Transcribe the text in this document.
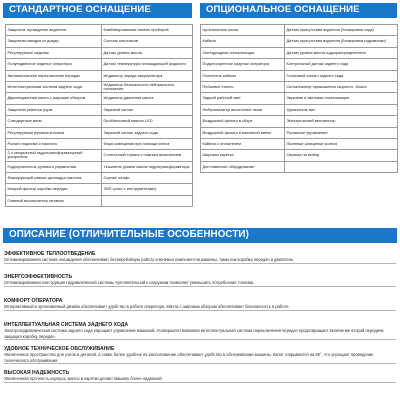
СТАНДАРТНОЕ ОСНАЩЕНИЕ	ОПЦИОНАЛЬНОЕ ОСНАЩЕНИЕ
Защитное ограждение водителя	Комбинированная панель приборов
Защитная накидка от дождя	Счетчик моточасов
Регулируемое сиденье	Датчик уровня масла
Полуподвесное сиденье оператора	Датчик температуры охлаждающей жидкости
Автоматическое переключение передач	Индикатор заряда аккумулятора
Интеллектуальная система заднего хода	Индикатор безопасности нейтрального положения
Двухсекционная мачта с широким обзором	Индикатор давления масла
Защитная решетка груза	Звуковой сигнал
Стандартные вилы	Проблесковый маячок LED
Регулируемая рулевая колонка	Звуковой сигнал заднего хода
Рычаги подъема и наклона	Фара освещения при помощи ключа
2-х секционный гидротрансформаторный ускоритель	Стояночный тормоз с ножным включением
Гидроусилитель рулевого управления	Указатель уровня масла гидротрансформатора
Фиксирующий клапан цилиндра наклона	Сцепка штифт
Мокрый фильтр коробки передач	ЗИП (ключ с инструментами)
Главный выключатель питания	
Цельнолитые шины	Датчик присутствия водителя (блокировка хода)
Кабина	Датчик присутствия водителя (блокировка гидравлики)
Светодиодная сигнализация	Датчик уровня масла гидрораспределителя
Подрессоренное сиденье оператора	Контрольный датчик заднего хода
Отопитель кабины	Голосовой сигнал заднего хода
Побоевое стекло	Сигнализатор превышения скорости, 10км/ч
Задний рабочий свет	Звуковая и световая сигнализация
Нейтрализатор выхлопных газов	Удлинитель вил
Воздушный фильтр в сборе	Электрический вентилятор
Воздушный фильтр в масляной ванне	Рычажное управление
Кабина с отопителем	Пылевые шлицевые колеса
Широкая каретка	Окраска на выбор
Доп.навесное оборудование	
ОПИСАНИЕ (ОТЛИЧИТЕЛЬНЫЕ ОСОБЕННОСТИ)
ЭФФЕКТИВНОЕ ТЕПЛООТВЕДЕНИЕ
Оптимизированная система охлаждения обеспечивает бесперебойную работу ключевых компонентов машины, таких как коробка передач и двигатель.
ЭНЕРГОЭФФЕКТИВНОСТЬ
Оптимизированная конструкция гидравлической системы чувствительной к нагрузкам позволяет уменьшить потребление топлива.
КОМФОРТ ОПЕРАТОРА
Интерактивный и эргономичный дизайн обеспечивает удобство в работе оператора. Мачта с широким обзором обеспечивает безопасность в работе.
ИНТЕЛЛЕКТУАЛЬНАЯ СИСТЕМА ЗАДНЕГО ХОДА
Электрогидравлическая система заднего хода упрощает управление машиной. Усовершенствованная интеллектуальная система переключения передач предотвращает включение второй передачи, защищая коробку передач.
УДОБНОЕ ТЕХНИЧЕСКОЕ ОБСЛУЖИВАНИЕ
Увеличенное пространство для узлов и деталей, а также более удобное их расположение обеспечивает удобство в обслуживании машины. Капот открывается на 80°, что упрощает проведение технического обслуживания.
ВЫСОКАЯ НАДЕЖНОСТЬ
Увеличенная прочность корпуса, мачты и каретки делает машину более надежной.
